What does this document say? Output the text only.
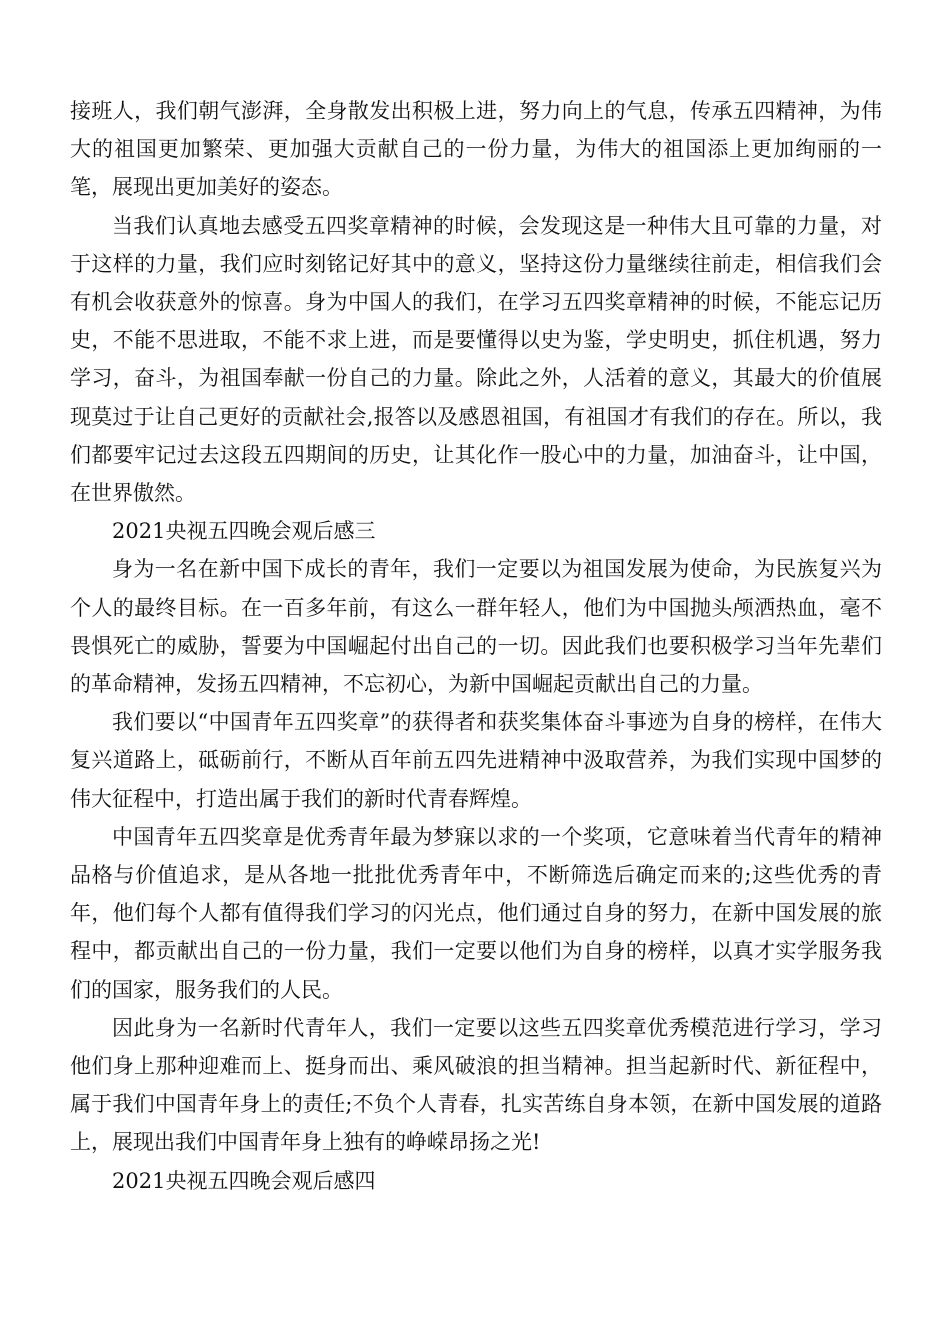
接班人，我们朝气澎湃，全身散发出积极上进，努力向上的气息，传承五四精神，为伟大的祖国更加繁荣、更加强大贡献自己的一份力量，为伟大的祖国添上更加绚丽的一笔，展现出更加美好的姿态。

当我们认真地去感受五四奖章精神的时候，会发现这是一种伟大且可靠的力量，对于这样的力量，我们应时刻铭记好其中的意义，坚持这份力量继续往前走，相信我们会有机会收获意外的惊喜。身为中国人的我们，在学习五四奖章精神的时候，不能忘记历史，不能不思进取，不能不求上进，而是要懂得以史为鉴，学史明史，抓住机遇，努力学习，奋斗，为祖国奉献一份自己的力量。除此之外，人活着的意义，其最大的价值展现莫过于让自己更好的贡献社会,报答以及感恩祖国，有祖国才有我们的存在。所以，我们都要牢记过去这段五四期间的历史，让其化作一股心中的力量，加油奋斗，让中国，在世界傲然。

2021央视五四晚会观后感三

身为一名在新中国下成长的青年，我们一定要以为祖国发展为使命，为民族复兴为个人的最终目标。在一百多年前，有这么一群年轻人，他们为中国抛头颅洒热血，毫不畏惧死亡的威胁，誓要为中国崛起付出自己的一切。因此我们也要积极学习当年先辈们的革命精神，发扬五四精神，不忘初心，为新中国崛起贡献出自己的力量。

我们要以“中国青年五四奖章”的获得者和获奖集体奋斗事迹为自身的榜样，在伟大复兴道路上，砥砺前行，不断从百年前五四先进精神中汲取营养，为我们实现中国梦的伟大征程中，打造出属于我们的新时代青春辉煌。

中国青年五四奖章是优秀青年最为梦寐以求的一个奖项，它意味着当代青年的精神品格与价值追求，是从各地一批批优秀青年中，不断筛选后确定而来的;这些优秀的青年，他们每个人都有值得我们学习的闪光点，他们通过自身的努力，在新中国发展的旅程中，都贡献出自己的一份力量，我们一定要以他们为自身的榜样，以真才实学服务我们的国家，服务我们的人民。

因此身为一名新时代青年人，我们一定要以这些五四奖章优秀模范进行学习，学习他们身上那种迎难而上、挺身而出、乘风破浪的担当精神。担当起新时代、新征程中，属于我们中国青年身上的责任;不负个人青春，扎实苦练自身本领，在新中国发展的道路上，展现出我们中国青年身上独有的峥嵘昂扬之光!

2021央视五四晚会观后感四
